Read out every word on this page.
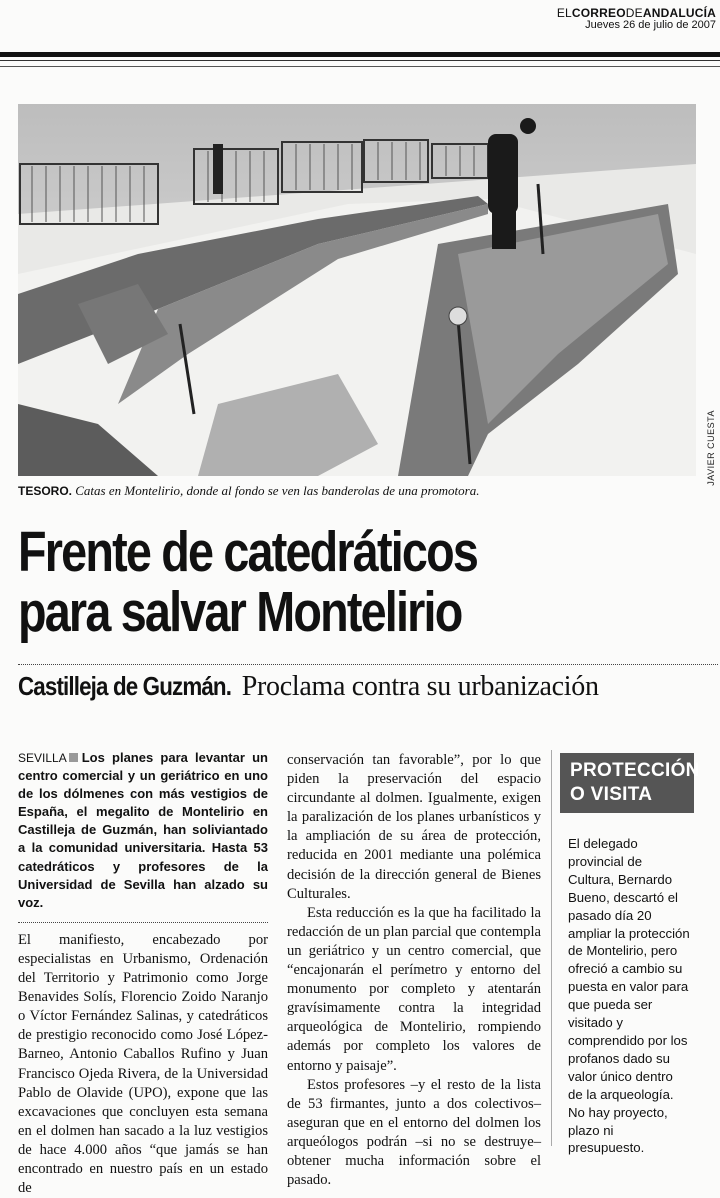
ELCORREODEANDALUCÍA
Jueves 26 de julio de 2007
JAVIER CUESTA
TESORO. Catas en Montelirio, donde al fondo se ven las banderolas de una promotora.
Frente de catedráticos
para salvar Montelirio
Castilleja de Guzmán. Proclama contra su urbanización

SEVILLA Los planes para levantar un centro comercial y un geriátrico en uno de los dólmenes con más vestigios de España, el megalito de Montelirio en Castilleja de Guzmán, han soliviantado a la comunidad universitaria. Hasta 53 catedráticos y profesores de la Universidad de Sevilla han alzado su voz.

El manifiesto, encabezado por especialistas en Urbanismo, Ordenación del Territorio y Patrimonio como Jorge Benavides Solís, Florencio Zoido Naranjo o Víctor Fernández Salinas, y catedráticos de prestigio reconocido como José López-Barneo, Antonio Caballos Rufino y Juan Francisco Ojeda Rivera, de la Universidad Pablo de Olavide (UPO), expone que las excavaciones que concluyen esta semana en el dolmen han sacado a la luz vestigios de hace 4.000 años “que jamás se han encontrado en nuestro país en un estado de

conservación tan favorable”, por lo que piden la preservación del espacio circundante al dolmen. Igualmente, exigen la paralización de los planes urbanísticos y la ampliación de su área de protección, reducida en 2001 mediante una polémica decisión de la dirección general de Bienes Culturales.

Esta reducción es la que ha facilitado la redacción de un plan parcial que contempla un geriátrico y un centro comercial, que “encajonarán el perímetro y entorno del monumento por completo y atentarán gravísimamente contra la integridad arqueológica de Montelirio, rompiendo además por completo los valores de entorno y paisaje”.

Estos profesores –y el resto de la lista de 53 firmantes, junto a dos colectivos– aseguran que en el entorno del dolmen los arqueólogos podrán –si no se destruye– obtener mucha información sobre el pasado.

PROTECCIÓN
O VISITA
El delegado provincial de Cultura, Bernardo Bueno, descartó el pasado día 20 ampliar la protección de Montelirio, pero ofreció a cambio su puesta en valor para que pueda ser visitado y comprendido por los profanos dado su valor único dentro de la arqueología. No hay proyecto, plazo ni presupuesto.
